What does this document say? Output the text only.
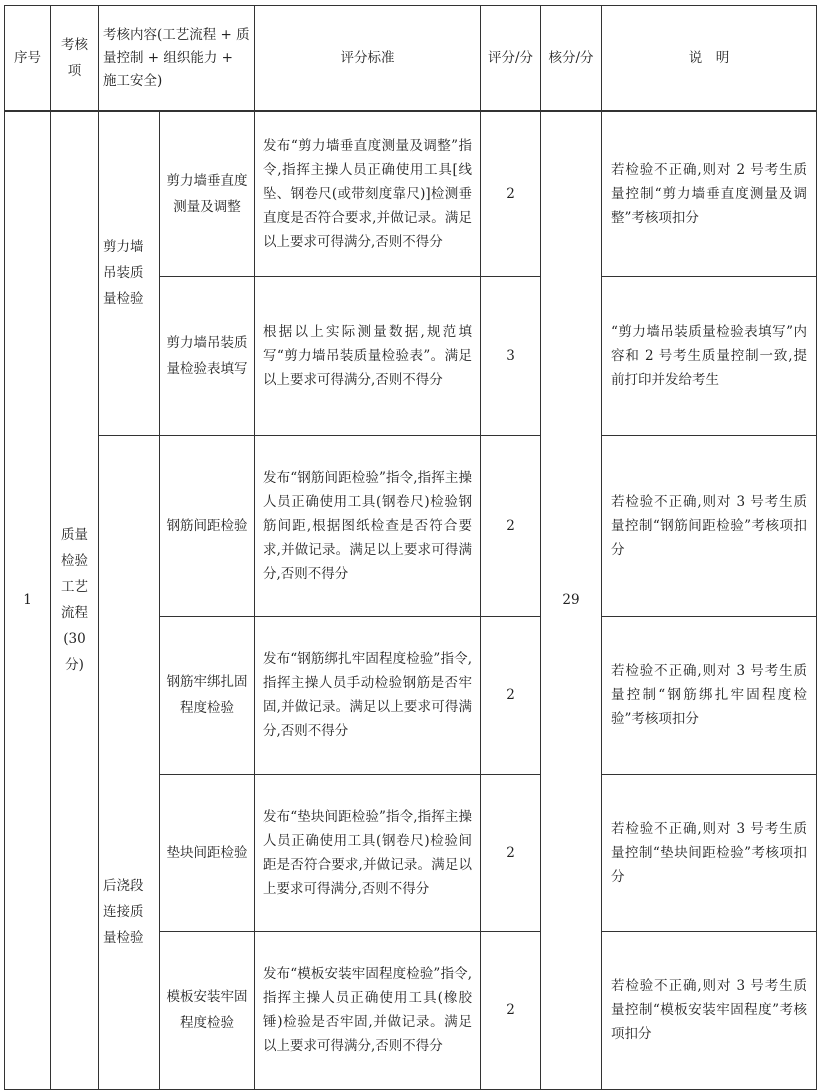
序号	考核项	考核内容(工艺流程 + 质量控制 + 组织能力 + 施工安全)		评分标准	评分/分	核分/分	说　明
1	质量检验工艺流程(30分)	剪力墙吊装质量检验	剪力墙垂直度测量及调整	发布“剪力墙垂直度测量及调整”指令,指挥主操人员正确使用工具[线坠、钢卷尺(或带刻度靠尺)]检测垂直度是否符合要求,并做记录。满足以上要求可得满分,否则不得分	2	29	若检验不正确,则对 2 号考生质量控制“剪力墙垂直度测量及调整”考核项扣分
			剪力墙吊装质量检验表填写	根据以上实际测量数据,规范填写“剪力墙吊装质量检验表”。满足以上要求可得满分,否则不得分	3		“剪力墙吊装质量检验表填写”内容和 2 号考生质量控制一致,提前打印并发给考生
		后浇段连接质量检验	钢筋间距检验	发布“钢筋间距检验”指令,指挥主操人员正确使用工具(钢卷尺)检验钢筋间距,根据图纸检查是否符合要求,并做记录。满足以上要求可得满分,否则不得分	2		若检验不正确,则对 3 号考生质量控制“钢筋间距检验”考核项扣分
			钢筋牢绑扎固程度检验	发布“钢筋绑扎牢固程度检验”指令,指挥主操人员手动检验钢筋是否牢固,并做记录。满足以上要求可得满分,否则不得分	2		若检验不正确,则对 3 号考生质量控制“钢筋绑扎牢固程度检验”考核项扣分
			垫块间距检验	发布“垫块间距检验”指令,指挥主操人员正确使用工具(钢卷尺)检验间距是否符合要求,并做记录。满足以上要求可得满分,否则不得分	2		若检验不正确,则对 3 号考生质量控制“垫块间距检验”考核项扣分
			模板安装牢固程度检验	发布“模板安装牢固程度检验”指令,指挥主操人员正确使用工具(橡胶锤)检验是否牢固,并做记录。满足以上要求可得满分,否则不得分	2		若检验不正确,则对 3 号考生质量控制“模板安装牢固程度”考核项扣分
